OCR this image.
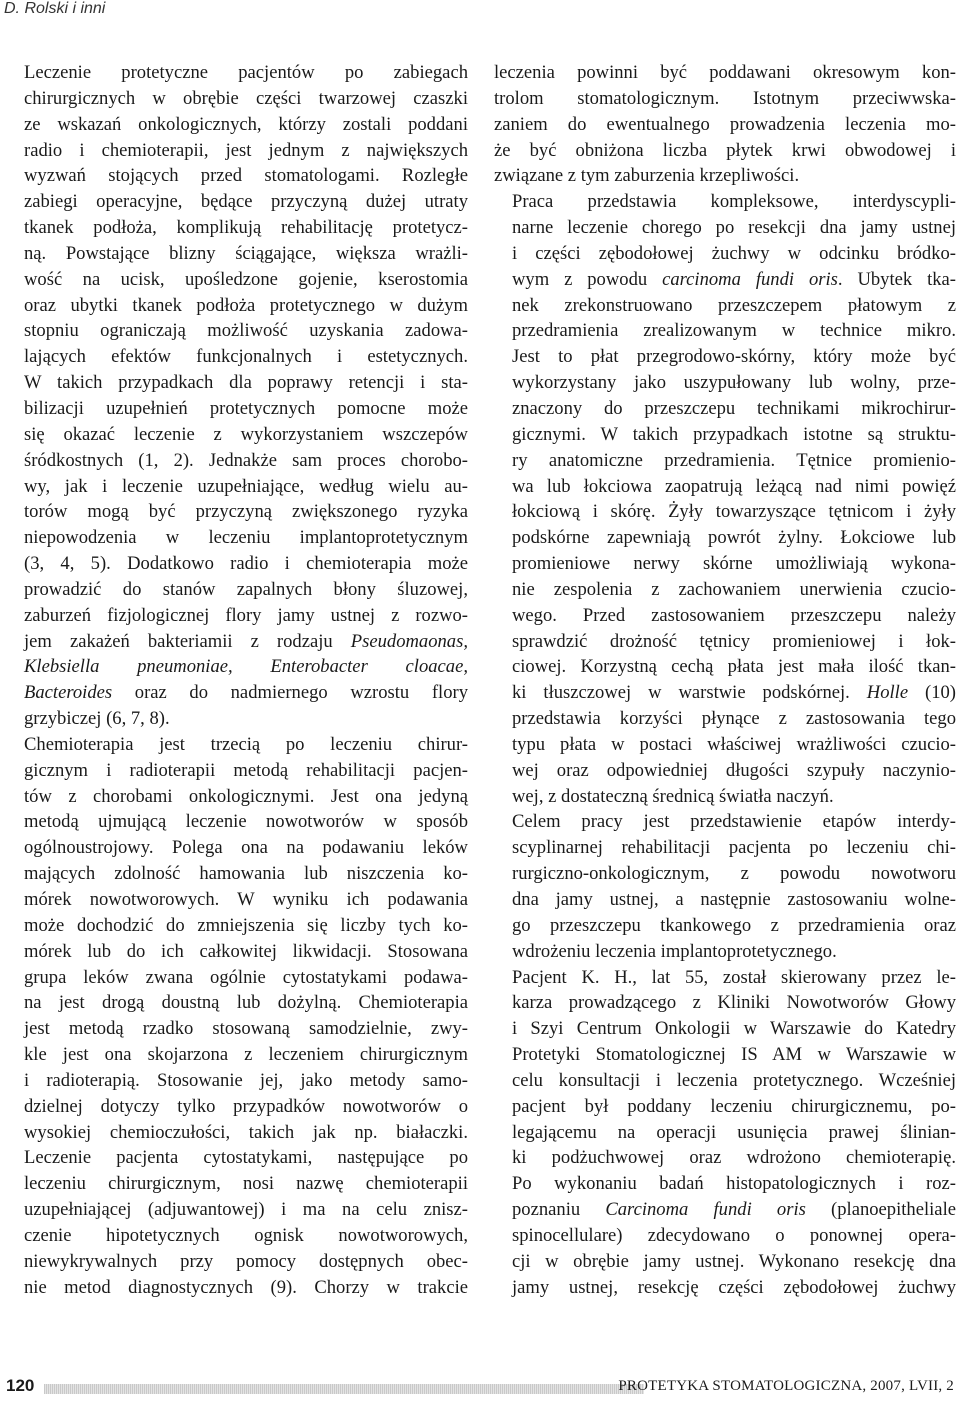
D. Rolski i inni

Leczenie protetyczne pacjentów po zabiegach
chirurgicznych w obrębie części twarzowej czaszki
ze wskazań onkologicznych, którzy zostali poddani
radio i chemioterapii, jest jednym z największych
wyzwań stojących przed stomatologami. Rozległe
zabiegi operacyjne, będące przyczyną dużej utraty
tkanek podłoża, komplikują rehabilitację protetycz-
ną. Powstające blizny ściągające, większa wrażli-
wość na ucisk, upośledzone gojenie, kserostomia
oraz ubytki tkanek podłoża protetycznego w dużym
stopniu ograniczają możliwość uzyskania zadowa-
lających efektów funkcjonalnych i estetycznych.
W takich przypadkach dla poprawy retencji i sta-
bilizacji uzupełnień protetycznych pomocne może
się okazać leczenie z wykorzystaniem wszczepów
śródkostnych (1, 2). Jednakże sam proces chorobo-
wy, jak i leczenie uzupełniające, według wielu au-
torów mogą być przyczyną zwiększonego ryzyka
niepowodzenia w leczeniu implantoprotetycznym
(3, 4, 5). Dodatkowo radio i chemioterapia może
prowadzić do stanów zapalnych błony śluzowej,
zaburzeń fizjologicznej flory jamy ustnej z rozwo-
jem zakażeń bakteriamii z rodzaju Pseudomaonas,
Klebsiella pneumoniae, Enterobacter cloacae,
Bacteroides oraz do nadmiernego wzrostu flory
grzybiczej (6, 7, 8).

Chemioterapia jest trzecią po leczeniu chirur-
gicznym i radioterapii metodą rehabilitacji pacjen-
tów z chorobami onkologicznymi. Jest ona jedyną
metodą ujmującą leczenie nowotworów w sposób
ogólnoustrojowy. Polega ona na podawaniu leków
mających zdolność hamowania lub niszczenia ko-
mórek nowotworowych. W wyniku ich podawania
może dochodzić do zmniejszenia się liczby tych ko-
mórek lub do ich całkowitej likwidacji. Stosowana
grupa leków zwana ogólnie cytostatykami podawa-
na jest drogą doustną lub dożylną. Chemioterapia
jest metodą rzadko stosowaną samodzielnie, zwy-
kle jest ona skojarzona z leczeniem chirurgicznym
i radioterapią. Stosowanie jej, jako metody samo-
dzielnej dotyczy tylko przypadków nowotworów o
wysokiej chemioczułości, takich jak np. białaczki.
Leczenie pacjenta cytostatykami, następujące po
leczeniu chirurgicznym, nosi nazwę chemioterapii
uzupełniającej (adjuwantowej) i ma na celu znisz-
czenie hipotetycznych ognisk nowotworowych,
niewykrywalnych przy pomocy dostępnych obec-
nie metod diagnostycznych (9). Chorzy w trakcie

leczenia powinni być poddawani okresowym kon-
trolom stomatologicznym. Istotnym przeciwwska-
zaniem do ewentualnego prowadzenia leczenia mo-
że być obniżona liczba płytek krwi obwodowej i
związane z tym zaburzenia krzepliwości.

Praca przedstawia kompleksowe, interdyscypli-
narne leczenie chorego po resekcji dna jamy ustnej
i części zębodołowej żuchwy w odcinku bródko-
wym z powodu carcinoma fundi oris. Ubytek tka-
nek zrekonstruowano przeszczepem płatowym z
przedramienia zrealizowanym w technice mikro.
Jest to płat przegrodowo-skórny, który może być
wykorzystany jako uszypułowany lub wolny, prze-
znaczony do przeszczepu technikami mikrochirur-
gicznymi. W takich przypadkach istotne są struktu-
ry anatomiczne przedramienia. Tętnice promienio-
wa lub łokciowa zaopatrują leżącą nad nimi powięź
łokciową i skórę. Żyły towarzyszące tętnicom i żyły
podskórne zapewniają powrót żylny. Łokciowe lub
promieniowe nerwy skórne umożliwiają wykona-
nie zespolenia z zachowaniem unerwienia czucio-
wego. Przed zastosowaniem przeszczepu należy
sprawdzić drożność tętnicy promieniowej i łok-
ciowej. Korzystną cechą płata jest mała ilość tkan-
ki tłuszczowej w warstwie podskórnej. Holle (10)
przedstawia korzyści płynące z zastosowania tego
typu płata w postaci właściwej wrażliwości czucio-
wej oraz odpowiedniej długości szypuły naczynio-
wej, z dostateczną średnicą światła naczyń.

Celem pracy jest przedstawienie etapów interdy-
scyplinarnej rehabilitacji pacjenta po leczeniu chi-
rurgiczno-onkologicznym, z powodu nowotworu
dna jamy ustnej, a następnie zastosowaniu wolne-
go przeszczepu tkankowego z przedramienia oraz
wdrożeniu leczenia implantoprotetycznego.

Pacjent K. H., lat 55, został skierowany przez le-
karza prowadzącego z Kliniki Nowotworów Głowy
i Szyi Centrum Onkologii w Warszawie do Katedry
Protetyki Stomatologicznej IS AM w Warszawie w
celu konsultacji i leczenia protetycznego. Wcześniej
pacjent był poddany leczeniu chirurgicznemu, po-
legającemu na operacji usunięcia prawej ślinian-
ki podżuchwowej oraz wdrożono chemioterapię.
Po wykonaniu badań histopatologicznych i roz-
poznaniu Carcinoma fundi oris (planoepitheliale
spinocellulare) zdecydowano o ponownej opera-
cji w obrębie jamy ustnej. Wykonano resekcję dna
jamy ustnej, resekcję części zębodołowej żuchwy

120	PROTETYKA STOMATOLOGICZNA, 2007, LVII, 2
